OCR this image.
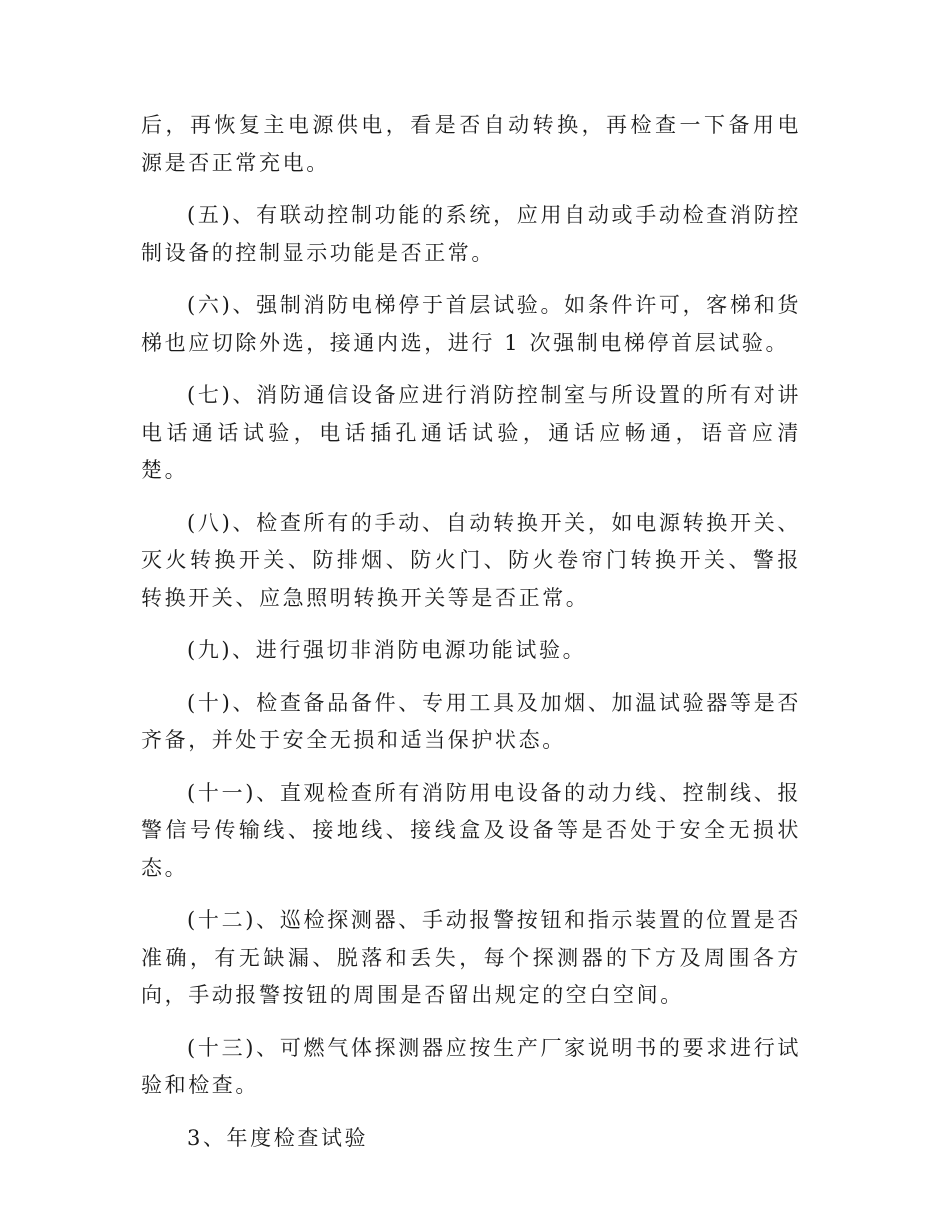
后，再恢复主电源供电，看是否自动转换，再检查一下备用电源是否正常充电。

(五)、有联动控制功能的系统，应用自动或手动检查消防控制设备的控制显示功能是否正常。

(六)、强制消防电梯停于首层试验。如条件许可，客梯和货梯也应切除外选，接通内选，进行 1 次强制电梯停首层试验。

(七)、消防通信设备应进行消防控制室与所设置的所有对讲电话通话试验，电话插孔通话试验，通话应畅通，语音应清楚。

(八)、检查所有的手动、自动转换开关，如电源转换开关、灭火转换开关、防排烟、防火门、防火卷帘门转换开关、警报转换开关、应急照明转换开关等是否正常。

(九)、进行强切非消防电源功能试验。

(十)、检查备品备件、专用工具及加烟、加温试验器等是否齐备，并处于安全无损和适当保护状态。

(十一)、直观检查所有消防用电设备的动力线、控制线、报警信号传输线、接地线、接线盒及设备等是否处于安全无损状态。

(十二)、巡检探测器、手动报警按钮和指示装置的位置是否准确，有无缺漏、脱落和丢失，每个探测器的下方及周围各方向，手动报警按钮的周围是否留出规定的空白空间。

(十三)、可燃气体探测器应按生产厂家说明书的要求进行试验和检查。

3、年度检查试验
